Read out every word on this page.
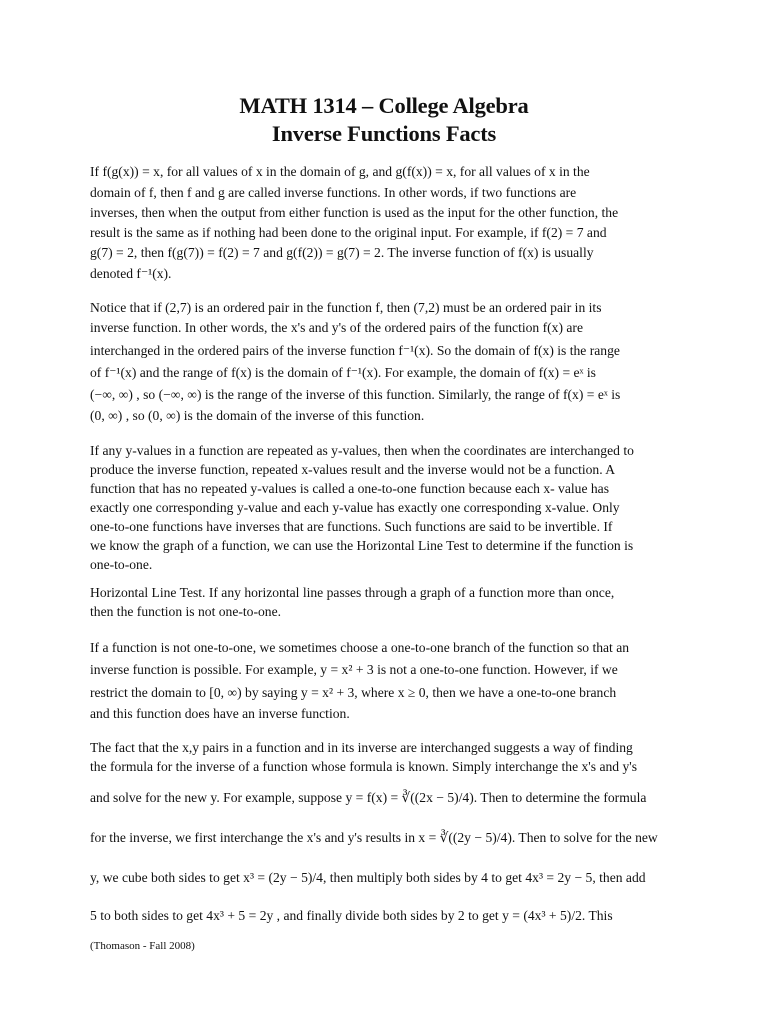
MATH 1314 – College Algebra
Inverse Functions Facts
If f(g(x)) = x, for all values of x in the domain of g, and g(f(x)) = x, for all values of x in the
domain of f, then f and g are called inverse functions. In other words, if two functions are
inverses, then when the output from either function is used as the input for the other function, the
result is the same as if nothing had been done to the original input. For example, if f(2) = 7 and
g(7) = 2, then f(g(7)) = f(2) = 7 and g(f(2)) = g(7) = 2. The inverse function of f(x) is usually
denoted f⁻¹(x).
Notice that if (2,7) is an ordered pair in the function f, then (7,2) must be an ordered pair in its
inverse function. In other words, the x's and y's of the ordered pairs of the function f(x) are
interchanged in the ordered pairs of the inverse function f⁻¹(x). So the domain of f(x) is the range
of f⁻¹(x) and the range of f(x) is the domain of f⁻¹(x). For example, the domain of f(x) = eˣ is
(−∞, ∞) , so (−∞, ∞) is the range of the inverse of this function. Similarly, the range of f(x) = eˣ is
(0, ∞) , so (0, ∞) is the domain of the inverse of this function.
If any y-values in a function are repeated as y-values, then when the coordinates are interchanged to
produce the inverse function, repeated x-values result and the inverse would not be a function. A
function that has no repeated y-values is called a one-to-one function because each x- value has
exactly one corresponding y-value and each y-value has exactly one corresponding x-value. Only
one-to-one functions have inverses that are functions. Such functions are said to be invertible. If
we know the graph of a function, we can use the Horizontal Line Test to determine if the function is
one-to-one.
Horizontal Line Test. If any horizontal line passes through a graph of a function more than once,
then the function is not one-to-one.
If a function is not one-to-one, we sometimes choose a one-to-one branch of the function so that an
inverse function is possible. For example, y = x² + 3 is not a one-to-one function. However, if we
restrict the domain to [0, ∞) by saying y = x² + 3, where x ≥ 0, then we have a one-to-one branch
and this function does have an inverse function.
The fact that the x,y pairs in a function and in its inverse are interchanged suggests a way of finding
the formula for the inverse of a function whose formula is known. Simply interchange the x's and y's
and solve for the new y. For example, suppose y = f(x) = ∛((2x − 5)/4). Then to determine the formula
for the inverse, we first interchange the x's and y's results in x = ∛((2y − 5)/4). Then to solve for the new
y, we cube both sides to get x³ = (2y − 5)/4, then multiply both sides by 4 to get 4x³ = 2y − 5, then add
5 to both sides to get 4x³ + 5 = 2y , and finally divide both sides by 2 to get y = (4x³ + 5)/2. This
(Thomason - Fall 2008)
